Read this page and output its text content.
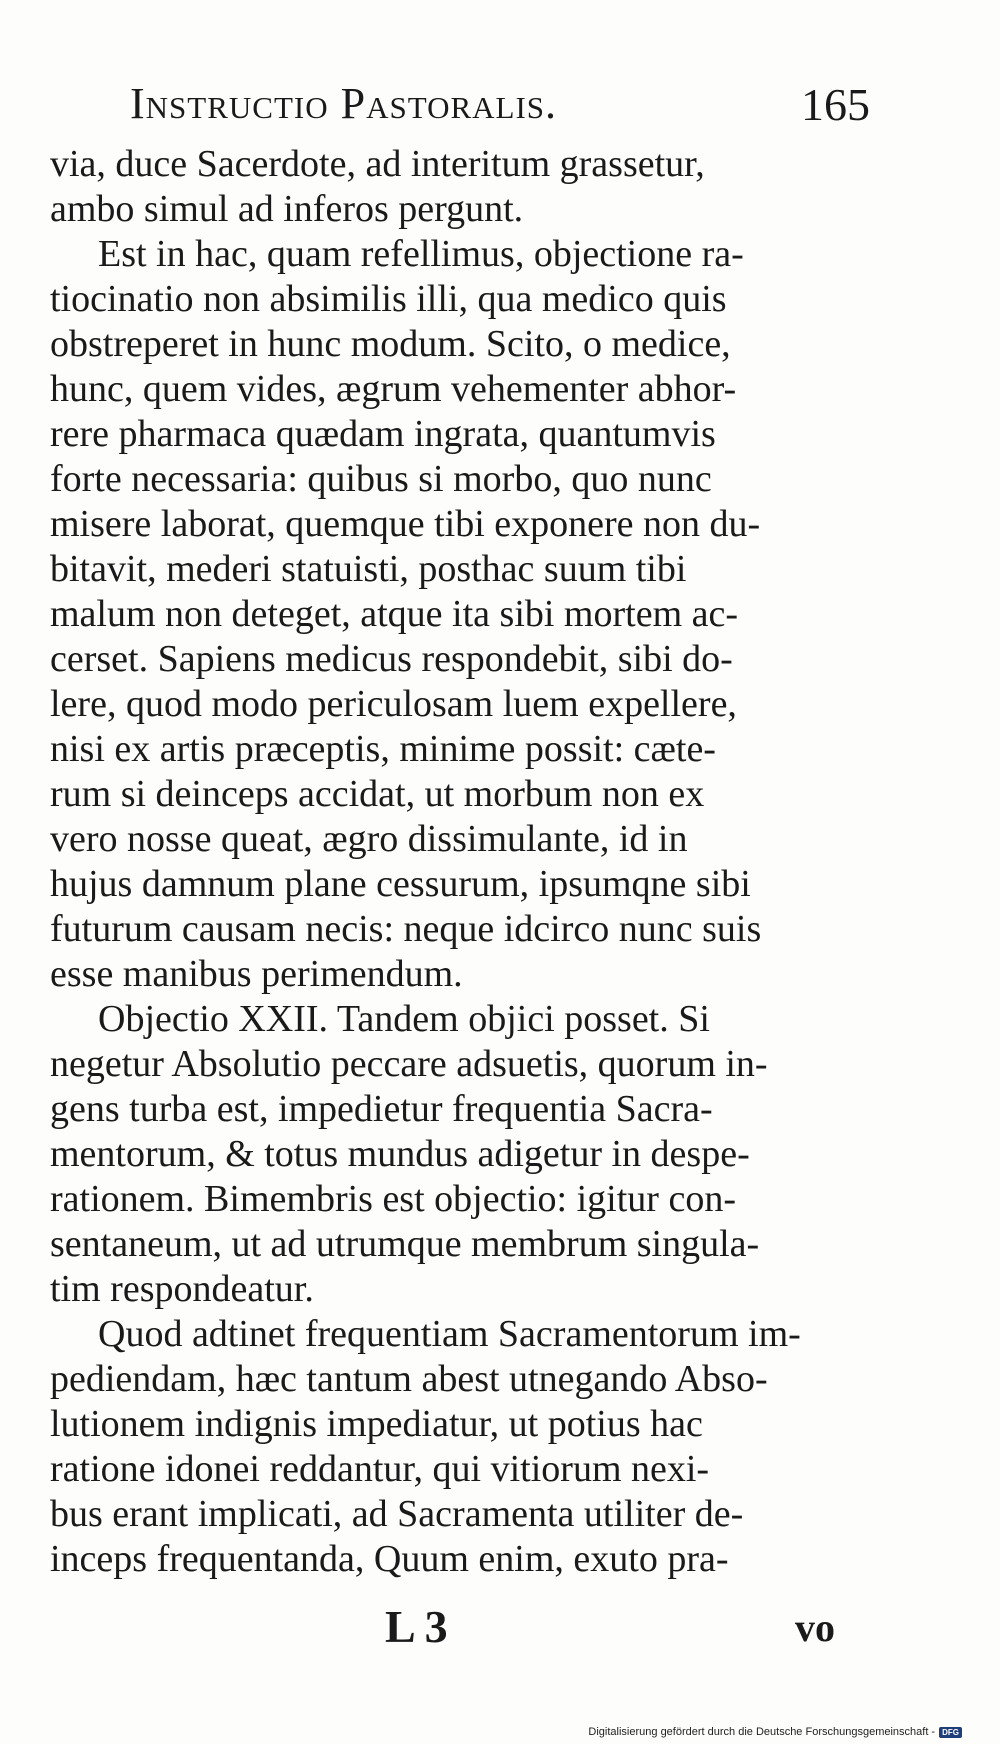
Instructio Pastoralis.	165
via, duce Sacerdote, ad interitum grassetur,
ambo simul ad inferos pergunt.
Est in hac, quam refellimus, objectione ra-
tiocinatio non absimilis illi, qua medico quis
obstreperet in hunc modum. Scito, o medice,
hunc, quem vides, ægrum vehementer abhor-
rere pharmaca quædam ingrata, quantumvis
forte necessaria: quibus si morbo, quo nunc
misere laborat, quemque tibi exponere non du-
bitavit, mederi statuisti, posthac suum tibi
malum non deteget, atque ita sibi mortem ac-
cerset. Sapiens medicus respondebit, sibi do-
lere, quod modo periculosam luem expellere,
nisi ex artis præceptis, minime possit: cæte-
rum si deinceps accidat, ut morbum non ex
vero nosse queat, ægro dissimulante, id in
hujus damnum plane cessurum, ipsumqne sibi
futurum causam necis: neque idcirco nunc suis
esse manibus perimendum.
Objectio XXII. Tandem objici posset. Si
negetur Absolutio peccare adsuetis, quorum in-
gens turba est, impedietur frequentia Sacra-
mentorum, & totus mundus adigetur in despe-
rationem. Bimembris est objectio: igitur con-
sentaneum, ut ad utrumque membrum singula-
tim respondeatur.
Quod adtinet frequentiam Sacramentorum im-
pediendam, hæc tantum abest utnegando Abso-
lutionem indignis impediatur, ut potius hac
ratione idonei reddantur, qui vitiorum nexi-
bus erant implicati, ad Sacramenta utiliter de-
inceps frequentanda, Quum enim, exuto pra-
L 3	vo
Digitalisierung gefördert durch die Deutsche Forschungsgemeinschaft - DFG
